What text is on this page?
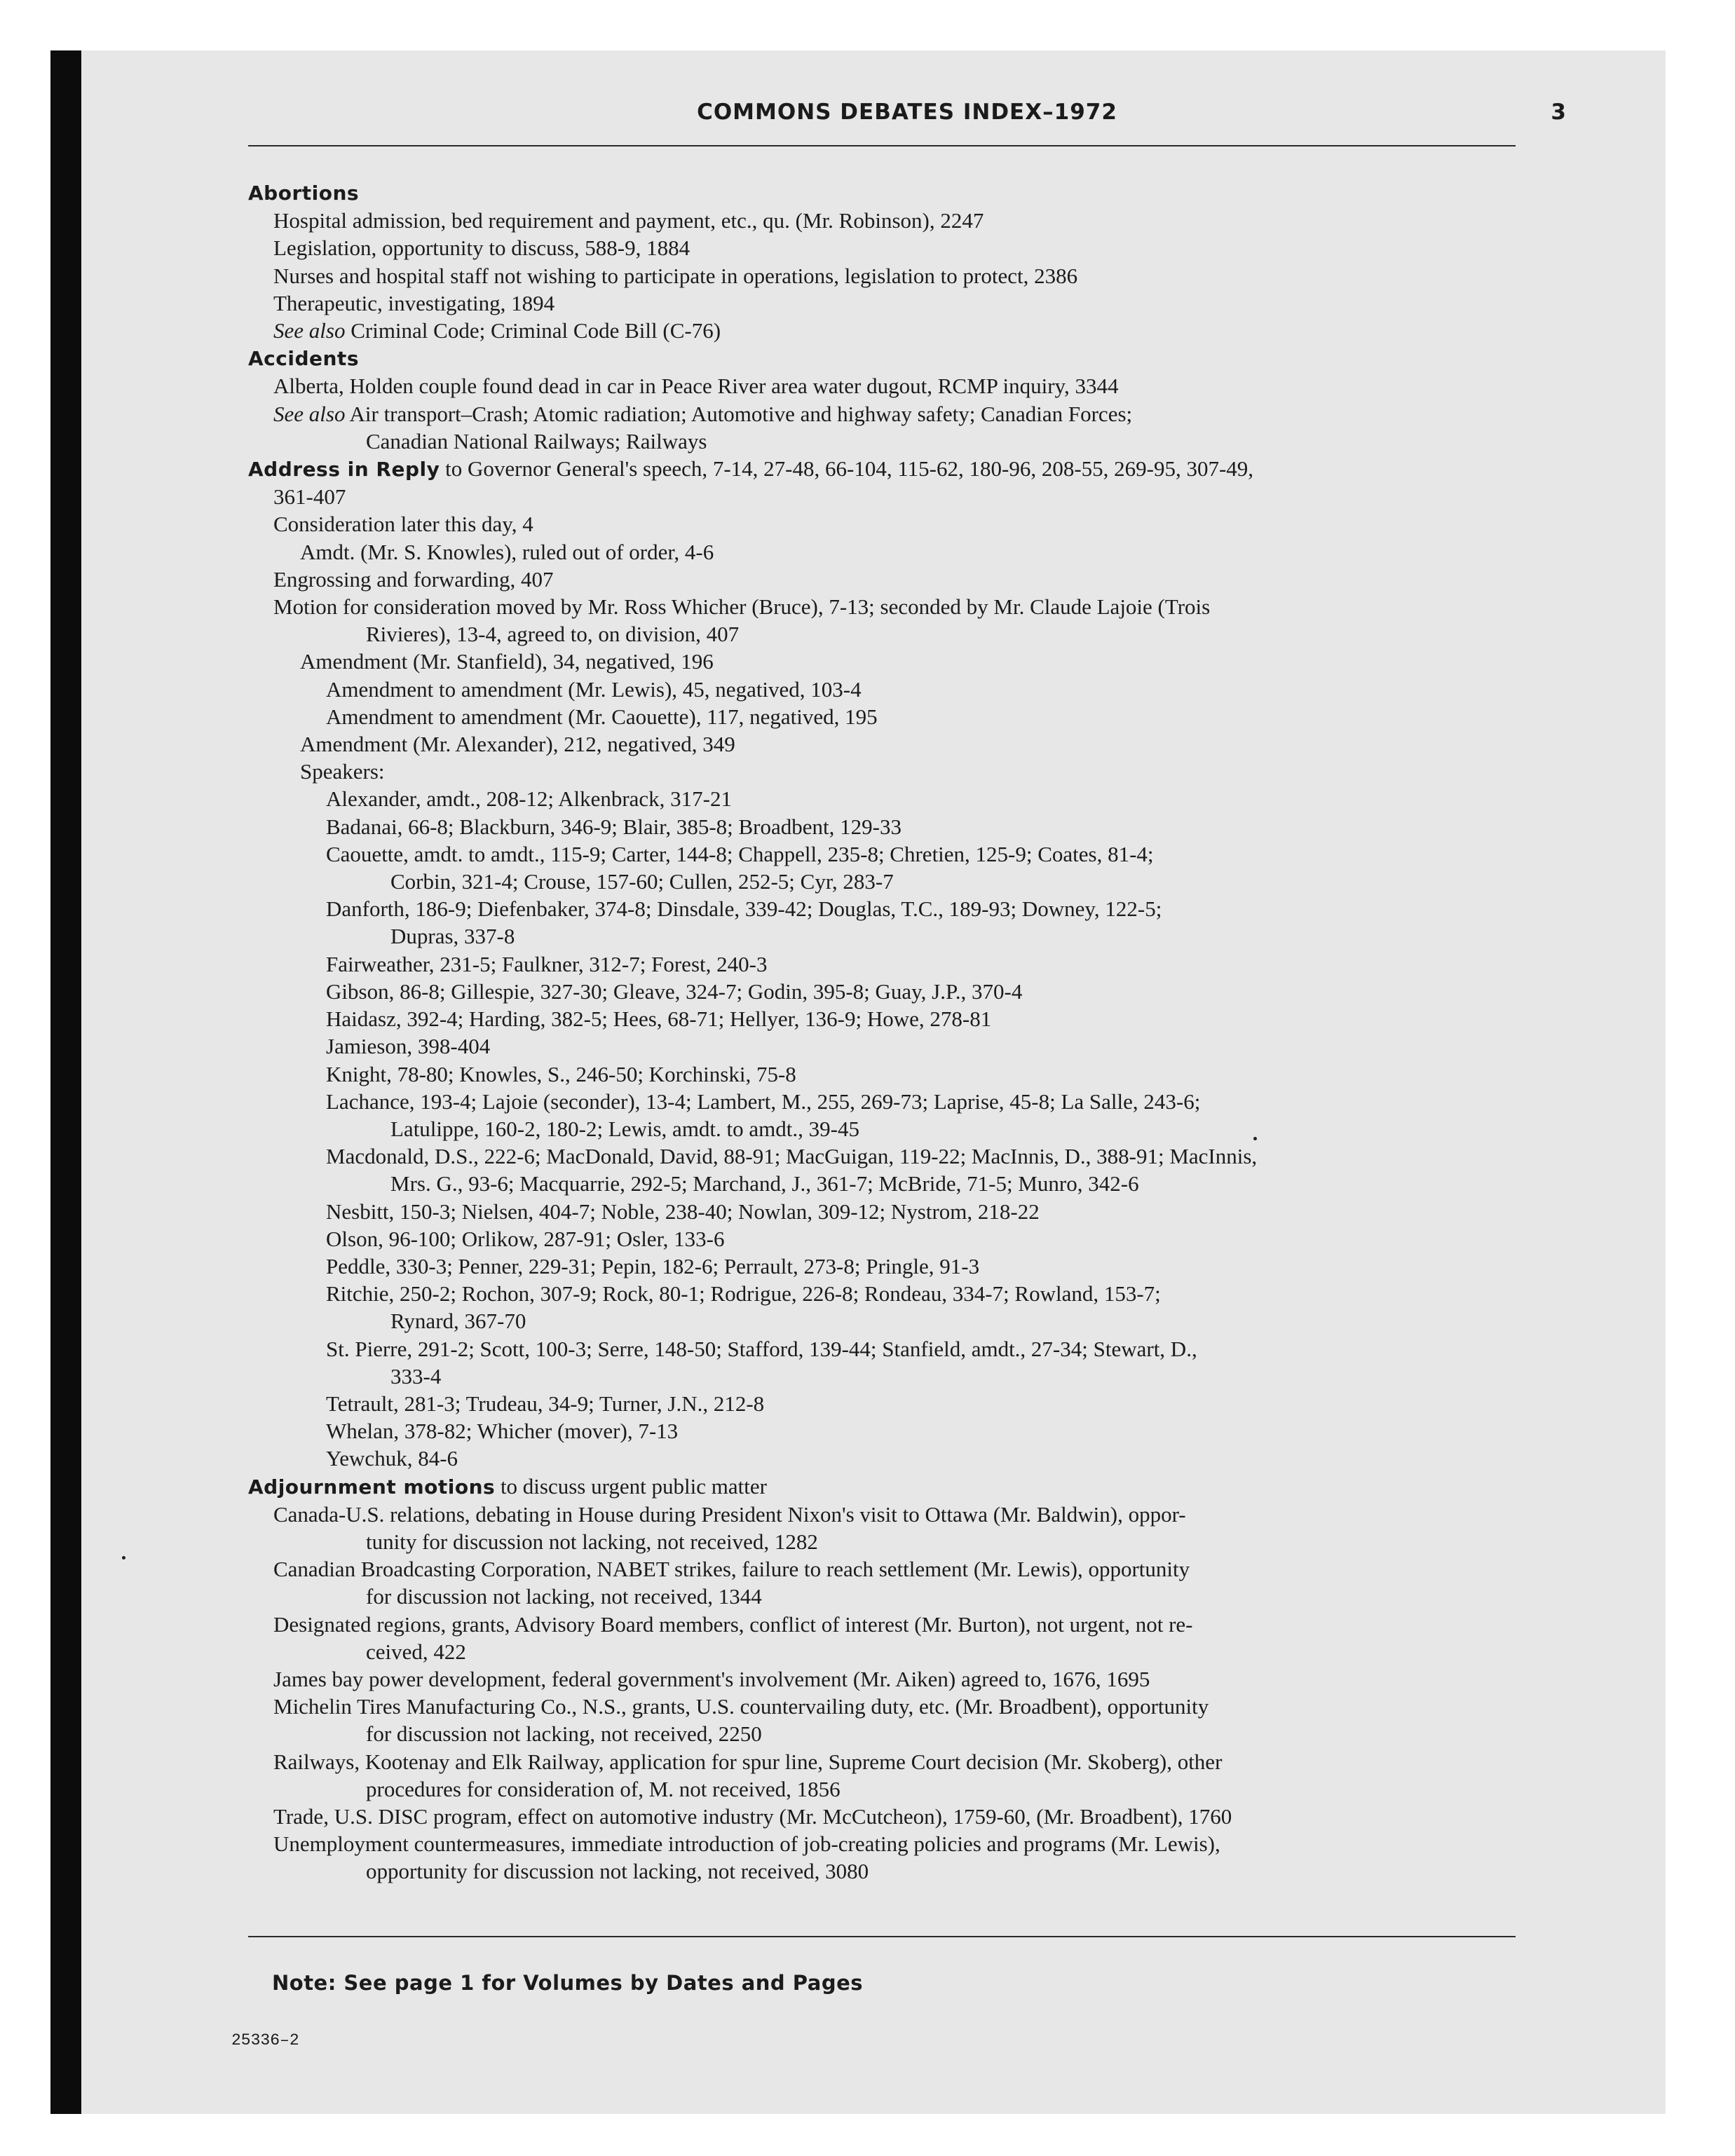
COMMONS DEBATES INDEX–1972	3
Abortions
Hospital admission, bed requirement and payment, etc., qu. (Mr. Robinson), 2247
Legislation, opportunity to discuss, 588-9, 1884
Nurses and hospital staff not wishing to participate in operations, legislation to protect, 2386
Therapeutic, investigating, 1894
See also Criminal Code; Criminal Code Bill (C-76)
Accidents
Alberta, Holden couple found dead in car in Peace River area water dugout, RCMP inquiry, 3344
See also Air transport–Crash; Atomic radiation; Automotive and highway safety; Canadian Forces;
Canadian National Railways; Railways
Address in Reply to Governor General's speech, 7-14, 27-48, 66-104, 115-62, 180-96, 208-55, 269-95, 307-49,
361-407
Consideration later this day, 4
Amdt. (Mr. S. Knowles), ruled out of order, 4-6
Engrossing and forwarding, 407
Motion for consideration moved by Mr. Ross Whicher (Bruce), 7-13; seconded by Mr. Claude Lajoie (Trois
Rivieres), 13-4, agreed to, on division, 407
Amendment (Mr. Stanfield), 34, negatived, 196
Amendment to amendment (Mr. Lewis), 45, negatived, 103-4
Amendment to amendment (Mr. Caouette), 117, negatived, 195
Amendment (Mr. Alexander), 212, negatived, 349
Speakers:
Alexander, amdt., 208-12; Alkenbrack, 317-21
Badanai, 66-8; Blackburn, 346-9; Blair, 385-8; Broadbent, 129-33
Caouette, amdt. to amdt., 115-9; Carter, 144-8; Chappell, 235-8; Chretien, 125-9; Coates, 81-4;
Corbin, 321-4; Crouse, 157-60; Cullen, 252-5; Cyr, 283-7
Danforth, 186-9; Diefenbaker, 374-8; Dinsdale, 339-42; Douglas, T.C., 189-93; Downey, 122-5;
Dupras, 337-8
Fairweather, 231-5; Faulkner, 312-7; Forest, 240-3
Gibson, 86-8; Gillespie, 327-30; Gleave, 324-7; Godin, 395-8; Guay, J.P., 370-4
Haidasz, 392-4; Harding, 382-5; Hees, 68-71; Hellyer, 136-9; Howe, 278-81
Jamieson, 398-404
Knight, 78-80; Knowles, S., 246-50; Korchinski, 75-8
Lachance, 193-4; Lajoie (seconder), 13-4; Lambert, M., 255, 269-73; Laprise, 45-8; La Salle, 243-6;
Latulippe, 160-2, 180-2; Lewis, amdt. to amdt., 39-45
Macdonald, D.S., 222-6; MacDonald, David, 88-91; MacGuigan, 119-22; MacInnis, D., 388-91; MacInnis,
Mrs. G., 93-6; Macquarrie, 292-5; Marchand, J., 361-7; McBride, 71-5; Munro, 342-6
Nesbitt, 150-3; Nielsen, 404-7; Noble, 238-40; Nowlan, 309-12; Nystrom, 218-22
Olson, 96-100; Orlikow, 287-91; Osler, 133-6
Peddle, 330-3; Penner, 229-31; Pepin, 182-6; Perrault, 273-8; Pringle, 91-3
Ritchie, 250-2; Rochon, 307-9; Rock, 80-1; Rodrigue, 226-8; Rondeau, 334-7; Rowland, 153-7;
Rynard, 367-70
St. Pierre, 291-2; Scott, 100-3; Serre, 148-50; Stafford, 139-44; Stanfield, amdt., 27-34; Stewart, D.,
333-4
Tetrault, 281-3; Trudeau, 34-9; Turner, J.N., 212-8
Whelan, 378-82; Whicher (mover), 7-13
Yewchuk, 84-6
Adjournment motions to discuss urgent public matter
Canada-U.S. relations, debating in House during President Nixon's visit to Ottawa (Mr. Baldwin), oppor-
tunity for discussion not lacking, not received, 1282
Canadian Broadcasting Corporation, NABET strikes, failure to reach settlement (Mr. Lewis), opportunity
for discussion not lacking, not received, 1344
Designated regions, grants, Advisory Board members, conflict of interest (Mr. Burton), not urgent, not re-
ceived, 422
James bay power development, federal government's involvement (Mr. Aiken) agreed to, 1676, 1695
Michelin Tires Manufacturing Co., N.S., grants, U.S. countervailing duty, etc. (Mr. Broadbent), opportunity
for discussion not lacking, not received, 2250
Railways, Kootenay and Elk Railway, application for spur line, Supreme Court decision (Mr. Skoberg), other
procedures for consideration of, M. not received, 1856
Trade, U.S. DISC program, effect on automotive industry (Mr. McCutcheon), 1759-60, (Mr. Broadbent), 1760
Unemployment countermeasures, immediate introduction of job-creating policies and programs (Mr. Lewis),
opportunity for discussion not lacking, not received, 3080
Note: See page 1 for Volumes by Dates and Pages
25336–2
